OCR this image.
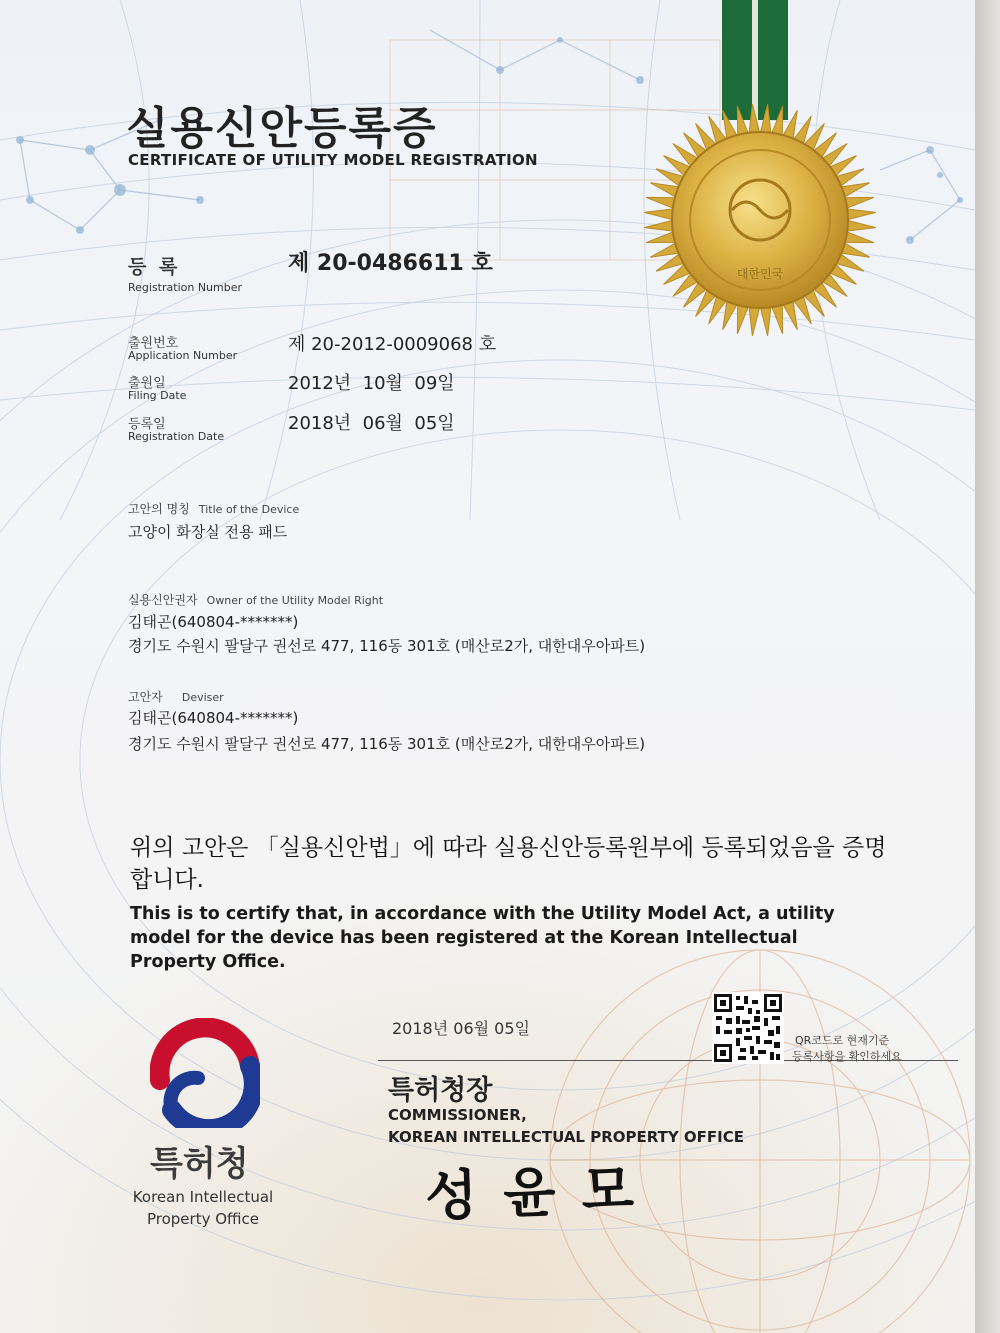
대한민국
실용신안등록증
CERTIFICATE OF UTILITY MODEL REGISTRATION
등 록
Registration Number
제 20-0486611 호
출원번호
Application Number
제 20-2012-0009068 호
출원일
Filing Date
2012년  10월  09일
등록일
Registration Date
2018년  06월  05일
고안의 명칭 Title of the Device
고양이 화장실 전용 패드
실용신안권자 Owner of the Utility Model Right
김태곤(640804-*******)
경기도 수원시 팔달구 권선로 477, 116동 301호 (매산로2가, 대한대우아파트)
고안자 Deviser
김태곤(640804-*******)
경기도 수원시 팔달구 권선로 477, 116동 301호 (매산로2가, 대한대우아파트)
위의 고안은 「실용신안법」에 따라 실용신안등록원부에 등록되었음을 증명합니다.
This is to certify that, in accordance with the Utility Model Act, a utility model for the device has been registered at the Korean Intellectual Property Office.
2018년 06월 05일
QR코드로 현재기준
등록사항을 확인하세요
특허청장
COMMISSIONER,
KOREAN INTELLECTUAL PROPERTY OFFICE
성윤모
특허청
Korean Intellectual
Property Office
